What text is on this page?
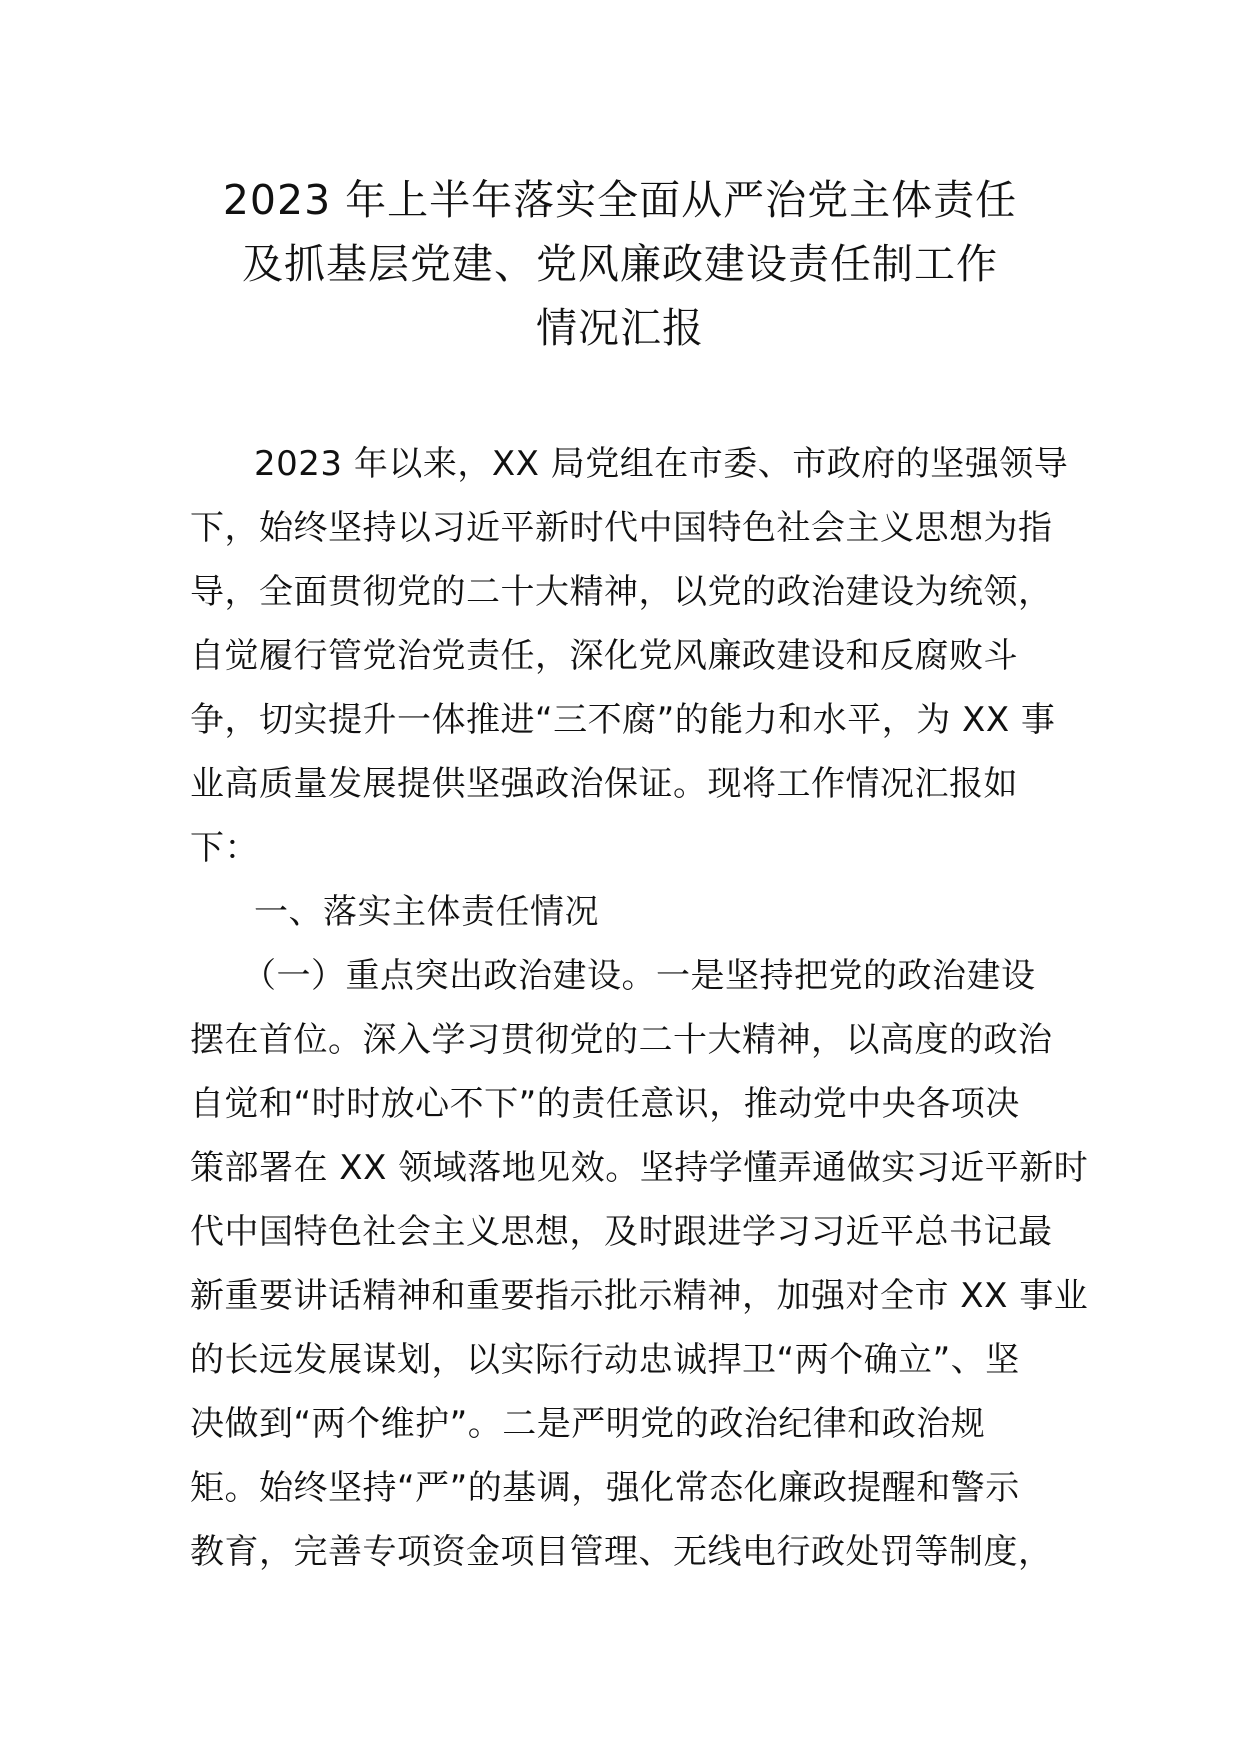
2023 年上半年落实全面从严治党主体责任
及抓基层党建、党风廉政建设责任制工作
情况汇报
2023 年以来，XX 局党组在市委、市政府的坚强领导
下，始终坚持以习近平新时代中国特色社会主义思想为指
导，全面贯彻党的二十大精神，以党的政治建设为统领，
自觉履行管党治党责任，深化党风廉政建设和反腐败斗
争，切实提升一体推进“三不腐”的能力和水平，为 XX 事
业高质量发展提供坚强政治保证。现将工作情况汇报如
下：
一、落实主体责任情况
（一）重点突出政治建设。一是坚持把党的政治建设
摆在首位。深入学习贯彻党的二十大精神，以高度的政治
自觉和“时时放心不下”的责任意识，推动党中央各项决
策部署在 XX 领域落地见效。坚持学懂弄通做实习近平新时
代中国特色社会主义思想，及时跟进学习习近平总书记最
新重要讲话精神和重要指示批示精神，加强对全市 XX 事业
的长远发展谋划，以实际行动忠诚捍卫“两个确立”、坚
决做到“两个维护”。二是严明党的政治纪律和政治规
矩。始终坚持“严”的基调，强化常态化廉政提醒和警示
教育，完善专项资金项目管理、无线电行政处罚等制度，
